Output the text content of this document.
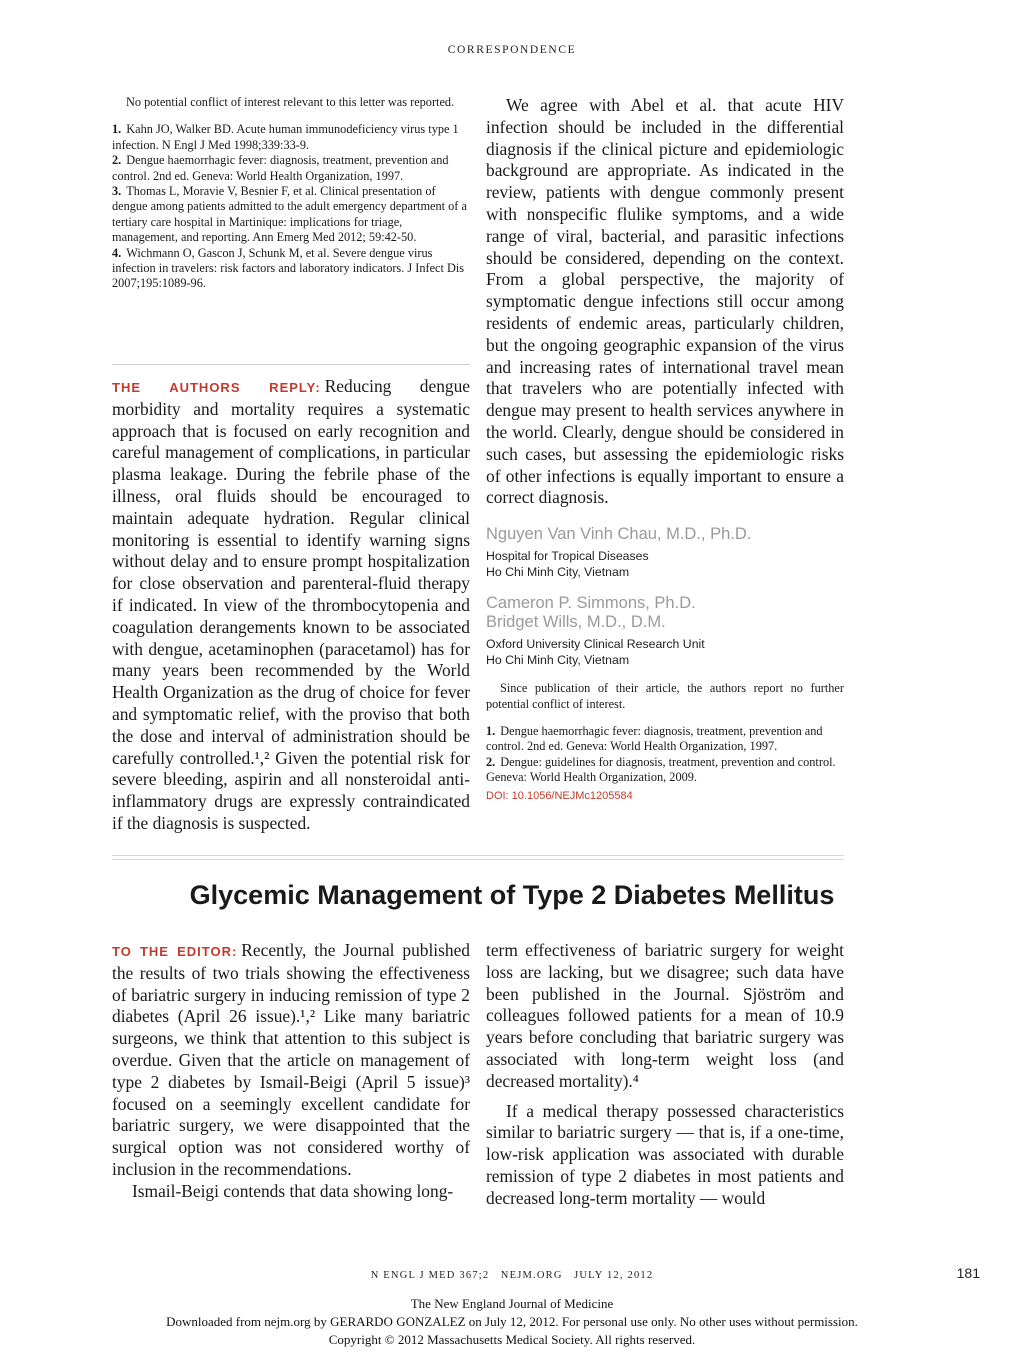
CORRESPONDENCE

No potential conflict of interest relevant to this letter was reported.

1. Kahn JO, Walker BD. Acute human immunodeficiency virus type 1 infection. N Engl J Med 1998;339:33-9.
2. Dengue haemorrhagic fever: diagnosis, treatment, prevention and control. 2nd ed. Geneva: World Health Organization, 1997.
3. Thomas L, Moravie V, Besnier F, et al. Clinical presentation of dengue among patients admitted to the adult emergency department of a tertiary care hospital in Martinique: implications for triage, management, and reporting. Ann Emerg Med 2012; 59:42-50.
4. Wichmann O, Gascon J, Schunk M, et al. Severe dengue virus infection in travelers: risk factors and laboratory indicators. J Infect Dis 2007;195:1089-96.

THE AUTHORS REPLY: Reducing dengue morbidity and mortality requires a systematic approach that is focused on early recognition and careful management of complications, in particular plasma leakage. During the febrile phase of the illness, oral fluids should be encouraged to maintain adequate hydration. Regular clinical monitoring is essential to identify warning signs without delay and to ensure prompt hospitalization for close observation and parenteral-fluid therapy if indicated. In view of the thrombocytopenia and coagulation derangements known to be associated with dengue, acetaminophen (paracetamol) has for many years been recommended by the World Health Organization as the drug of choice for fever and symptomatic relief, with the proviso that both the dose and interval of administration should be carefully controlled.¹,² Given the potential risk for severe bleeding, aspirin and all nonsteroidal anti-inflammatory drugs are expressly contraindicated if the diagnosis is suspected.

We agree with Abel et al. that acute HIV infection should be included in the differential diagnosis if the clinical picture and epidemiologic background are appropriate. As indicated in the review, patients with dengue commonly present with nonspecific flulike symptoms, and a wide range of viral, bacterial, and parasitic infections should be considered, depending on the context. From a global perspective, the majority of symptomatic dengue infections still occur among residents of endemic areas, particularly children, but the ongoing geographic expansion of the virus and increasing rates of international travel mean that travelers who are potentially infected with dengue may present to health services anywhere in the world. Clearly, dengue should be considered in such cases, but assessing the epidemiologic risks of other infections is equally important to ensure a correct diagnosis.

Nguyen Van Vinh Chau, M.D., Ph.D.

Hospital for Tropical Diseases

Ho Chi Minh City, Vietnam

Cameron P. Simmons, Ph.D.

Bridget Wills, M.D., D.M.

Oxford University Clinical Research Unit

Ho Chi Minh City, Vietnam

Since publication of their article, the authors report no further potential conflict of interest.

1. Dengue haemorrhagic fever: diagnosis, treatment, prevention and control. 2nd ed. Geneva: World Health Organization, 1997.
2. Dengue: guidelines for diagnosis, treatment, prevention and control. Geneva: World Health Organization, 2009.

DOI: 10.1056/NEJMc1205584

Glycemic Management of Type 2 Diabetes Mellitus

TO THE EDITOR: Recently, the Journal published the results of two trials showing the effectiveness of bariatric surgery in inducing remission of type 2 diabetes (April 26 issue).¹,² Like many bariatric surgeons, we think that attention to this subject is overdue. Given that the article on management of type 2 diabetes by Ismail-Beigi (April 5 issue)³ focused on a seemingly excellent candidate for bariatric surgery, we were disappointed that the surgical option was not considered worthy of inclusion in the recommendations.

Ismail-Beigi contends that data showing long-

term effectiveness of bariatric surgery for weight loss are lacking, but we disagree; such data have been published in the Journal. Sjöström and colleagues followed patients for a mean of 10.9 years before concluding that bariatric surgery was associated with long-term weight loss (and decreased mortality).⁴

If a medical therapy possessed characteristics similar to bariatric surgery — that is, if a one-time, low-risk application was associated with durable remission of type 2 diabetes in most patients and decreased long-term mortality — would

N ENGL J MED 367;2   NEJM.ORG   JULY 12, 2012	181
The New England Journal of Medicine
Downloaded from nejm.org by GERARDO GONZALEZ on July 12, 2012. For personal use only. No other uses without permission.
Copyright © 2012 Massachusetts Medical Society. All rights reserved.
